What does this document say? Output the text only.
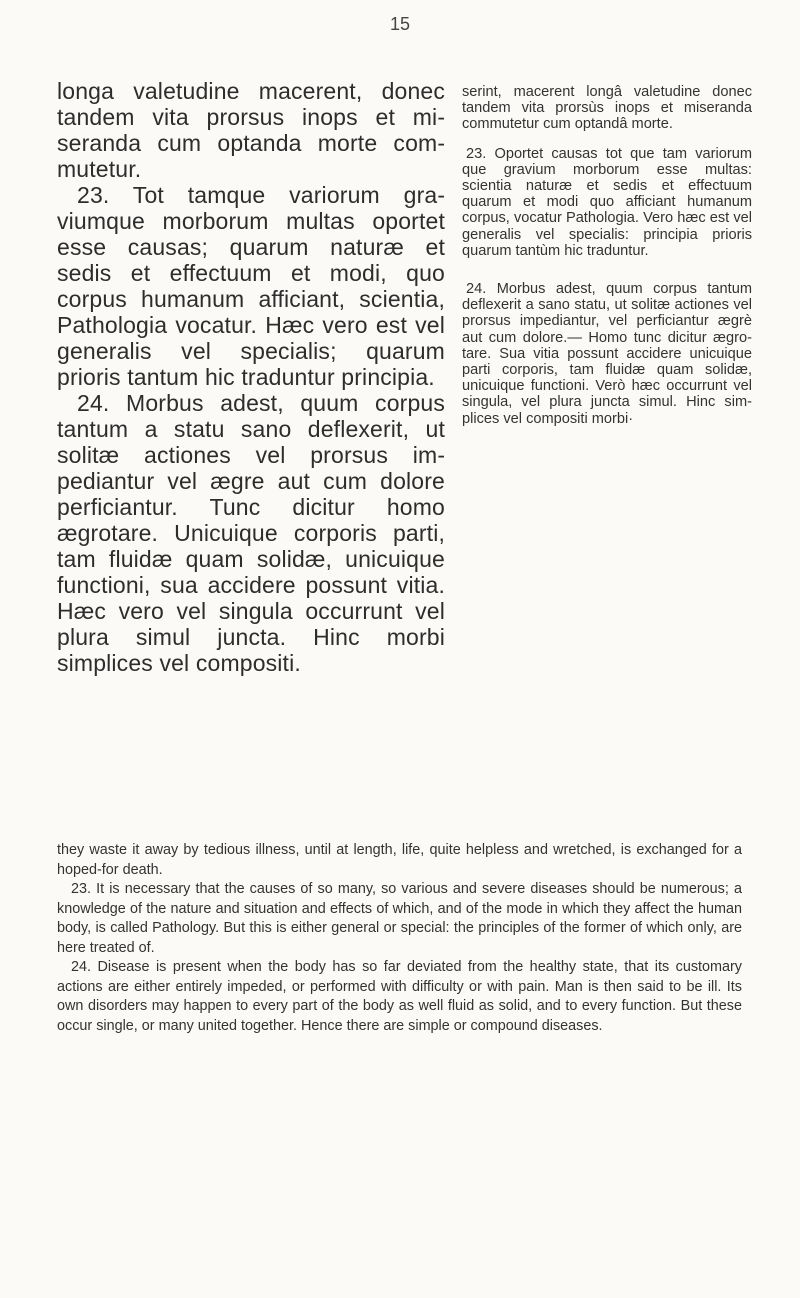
15

longa valetudine macerent, donec tandem vita prorsus inops et miseranda cum optanda morte commutetur.

23. Tot tamque variorum graviumque morborum multas oportet esse causas; quarum naturæ et sedis et effectuum et modi, quo corpus humanum afficiant, scientia, Pathologia vocatur. Hæc vero est vel generalis vel specialis; quarum prioris tantum hic traduntur principia.

24. Morbus adest, quum corpus tantum a statu sano deflexerit, ut solitæ actiones vel prorsus impediantur vel ægre aut cum dolore perficiantur. Tunc dicitur homo ægrotare. Unicuique corporis parti, tam fluidæ quam solidæ, unicuique functioni, sua accidere possunt vitia. Hæc vero vel singula occurrunt vel plura simul juncta. Hinc morbi simplices vel compositi.

serint, macerent longâ valetudine donec tandem vita prorsùs inops et miseranda commutetur cum optandâ morte.

23. Oportet causas tot que tam variorum que gravium morborum esse multas: scientia naturæ et sedis et effectuum quarum et modi quo afficiant humanum corpus, vocatur Pathologia. Vero hæc est vel generalis vel specialis: principia prioris quarum tantùm hic traduntur.

24. Morbus adest, quum corpus tantum deflexerit a sano statu, ut solitæ actiones vel prorsus impediantur, vel perficiantur ægrè aut cum dolore.— Homo tunc dicitur ægrotare. Sua vitia possunt accidere unicuique parti corporis, tam fluidæ quam solidæ, unicuique functioni. Verò hæc occurrunt vel singula, vel plura juncta simul. Hinc simplices vel compositi morbi·

they waste it away by tedious illness, until at length, life, quite helpless and wretched, is exchanged for a hoped-for death.

23. It is necessary that the causes of so many, so various and severe diseases should be numerous; a knowledge of the nature and situation and effects of which, and of the mode in which they affect the human body, is called Pathology. But this is either general or special: the principles of the former of which only, are here treated of.

24. Disease is present when the body has so far deviated from the healthy state, that its customary actions are either entirely impeded, or performed with difficulty or with pain. Man is then said to be ill. Its own disorders may happen to every part of the body as well fluid as solid, and to every function. But these occur single, or many united together. Hence there are simple or compound diseases.
